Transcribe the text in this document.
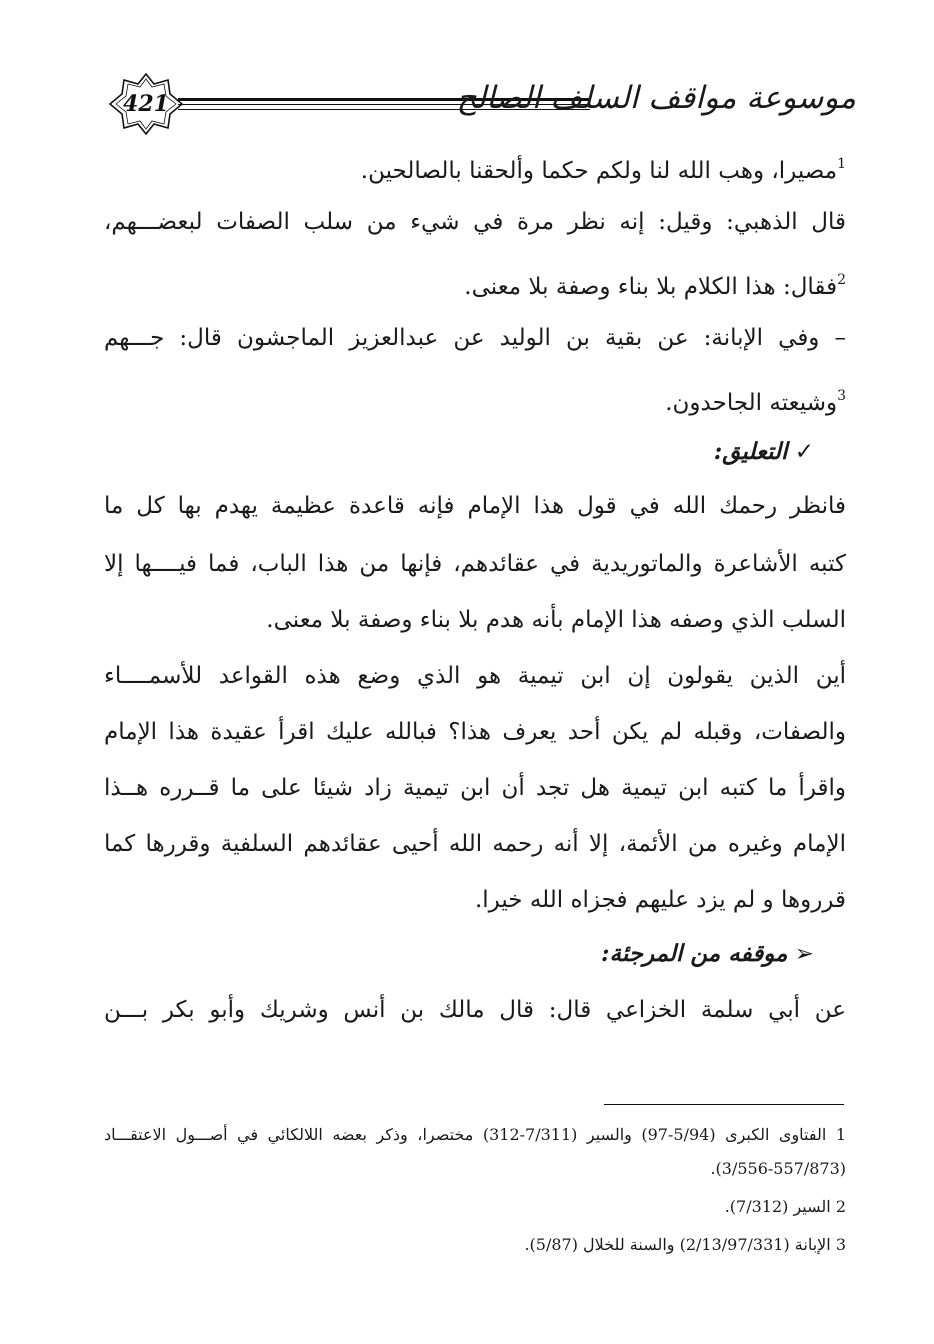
421	موسوعة مواقف السلف الصالح
$^1$مصيرا، وهب الله لنا ولكم حكما وألحقنا بالصالحين.
قال الذهبي: وقيل: إنه نظر مرة في شيء من سلب الصفات لبعضـــهم،
$^2$فقال: هذا الكلام بلا بناء وصفة بلا معنى.
– وفي الإبانة: عن بقية بن الوليد عن عبدالعزيز الماجشون قال: جـــهم
$^3$وشيعته الجاحدون.
✓ التعليق:
فانظر رحمك الله في قول هذا الإمام فإنه قاعدة عظيمة يهدم بها كل ما
كتبه الأشاعرة والماتوريدية في عقائدهم، فإنها من هذا الباب، فما فيــــها إلا
السلب الذي وصفه هذا الإمام بأنه هدم بلا بناء وصفة بلا معنى.
أين الذين يقولون إن ابن تيمية هو الذي وضع هذه القواعد للأسمــــاء
والصفات، وقبله لم يكن أحد يعرف هذا؟ فبالله عليك اقرأ عقيدة هذا الإمام
واقرأ ما كتبه ابن تيمية هل تجد أن ابن تيمية زاد شيئا على ما قــرره هــذا
الإمام وغيره من الأئمة، إلا أنه رحمه الله أحيى عقائدهم السلفية وقررها كما
قرروها و لم يزد عليهم فجزاه الله خيرا.
➢ موقفه من المرجئة:
عن أبي سلمة الخزاعي قال: قال مالك بن أنس وشريك وأبو بكر بـــن
1 الفتاوى الكبرى (5/94-97) والسير (7/311-312) مختصرا، وذكر بعضه اللالكائي في أصـــول الاعتقـــاد
(3/556-557/873).
2 السير (7/312).
3 الإبانة (2/13/97/331) والسنة للخلال (5/87).
